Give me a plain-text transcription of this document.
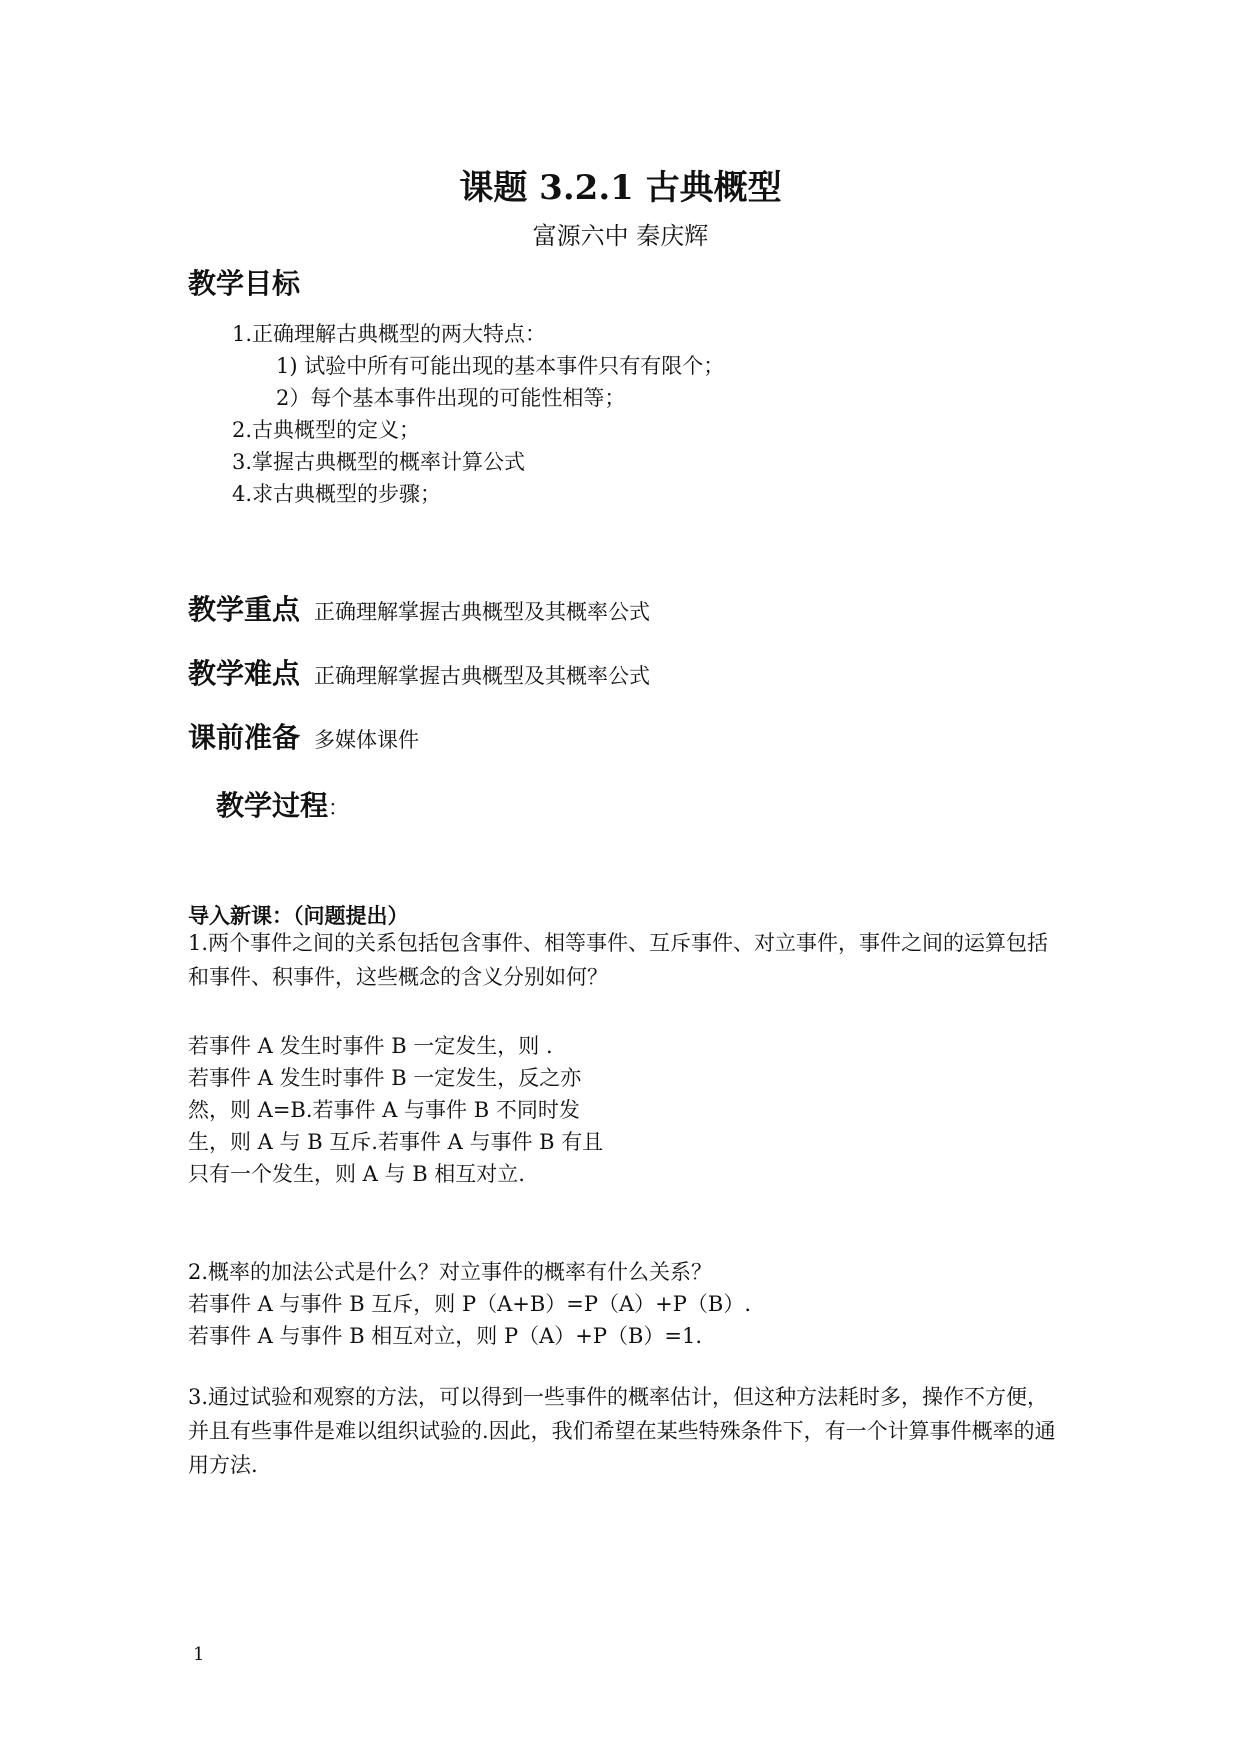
课题 3.2.1 古典概型
富源六中 秦庆辉
教学目标
1.正确理解古典概型的两大特点：
1) 试验中所有可能出现的基本事件只有有限个；
2）每个基本事件出现的可能性相等；
2.古典概型的定义；
3.掌握古典概型的概率计算公式
4.求古典概型的步骤；
教学重点 正确理解掌握古典概型及其概率公式
教学难点 正确理解掌握古典概型及其概率公式
课前准备 多媒体课件
教学过程：
导入新课：（问题提出）
1.两个事件之间的关系包括包含事件、相等事件、互斥事件、对立事件，事件之间的运算包括和事件、积事件，这些概念的含义分别如何？
若事件 A 发生时事件 B 一定发生，则 .
若事件 A 发生时事件 B 一定发生，反之亦
然，则 A=B.若事件 A 与事件 B 不同时发
生，则 A 与 B 互斥.若事件 A 与事件 B 有且
只有一个发生，则 A 与 B 相互对立.
2.概率的加法公式是什么？对立事件的概率有什么关系？
若事件 A 与事件 B 互斥，则 P（A+B）=P（A）+P（B）.
若事件 A 与事件 B 相互对立，则 P（A）+P（B）=1.
3.通过试验和观察的方法，可以得到一些事件的概率估计，但这种方法耗时多，操作不方便，并且有些事件是难以组织试验的.因此，我们希望在某些特殊条件下，有一个计算事件概率的通用方法.
1
